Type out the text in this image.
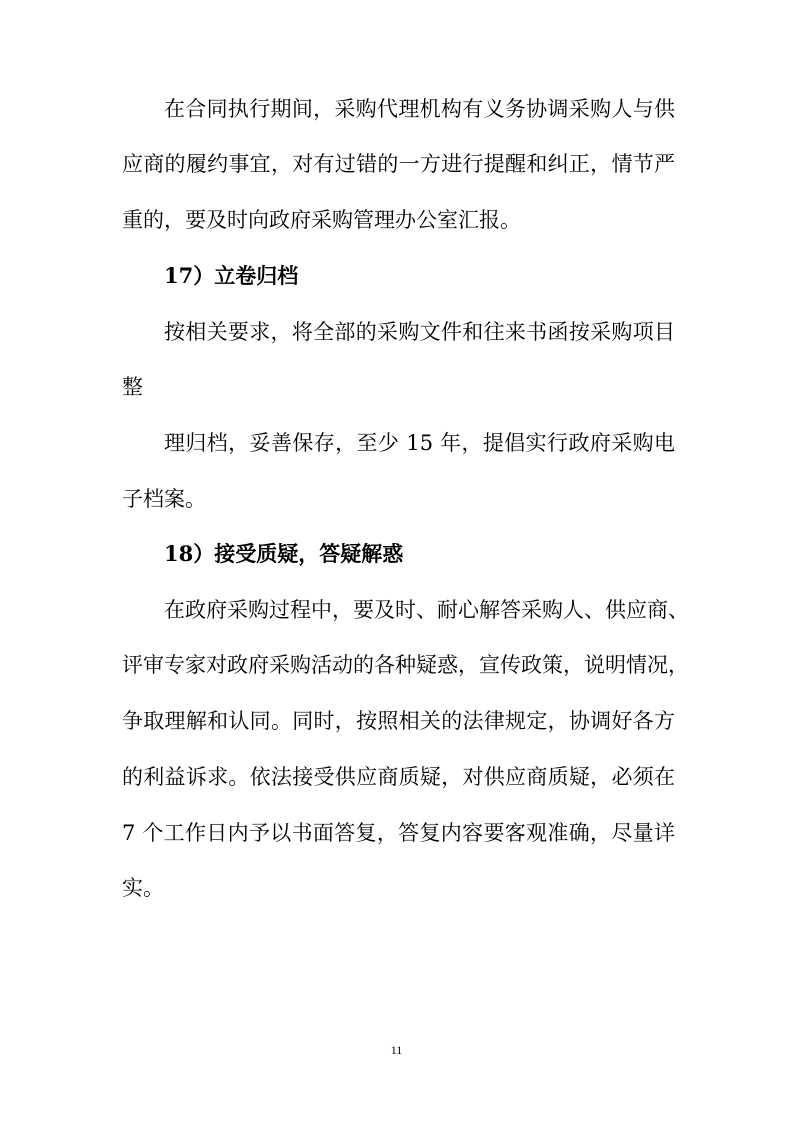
在合同执行期间，采购代理机构有义务协调采购人与供
应商的履约事宜，对有过错的一方进行提醒和纠正，情节严
重的，要及时向政府采购管理办公室汇报。
17）立卷归档
按相关要求，将全部的采购文件和往来书函按采购项目
整
理归档，妥善保存，至少 15 年，提倡实行政府采购电
子档案。
18）接受质疑，答疑解惑
在政府采购过程中，要及时、耐心解答采购人、供应商、
评审专家对政府采购活动的各种疑惑，宣传政策，说明情况，
争取理解和认同。同时，按照相关的法律规定，协调好各方
的利益诉求。依法接受供应商质疑，对供应商质疑，必须在
7 个工作日内予以书面答复，答复内容要客观准确，尽量详
实。
11
